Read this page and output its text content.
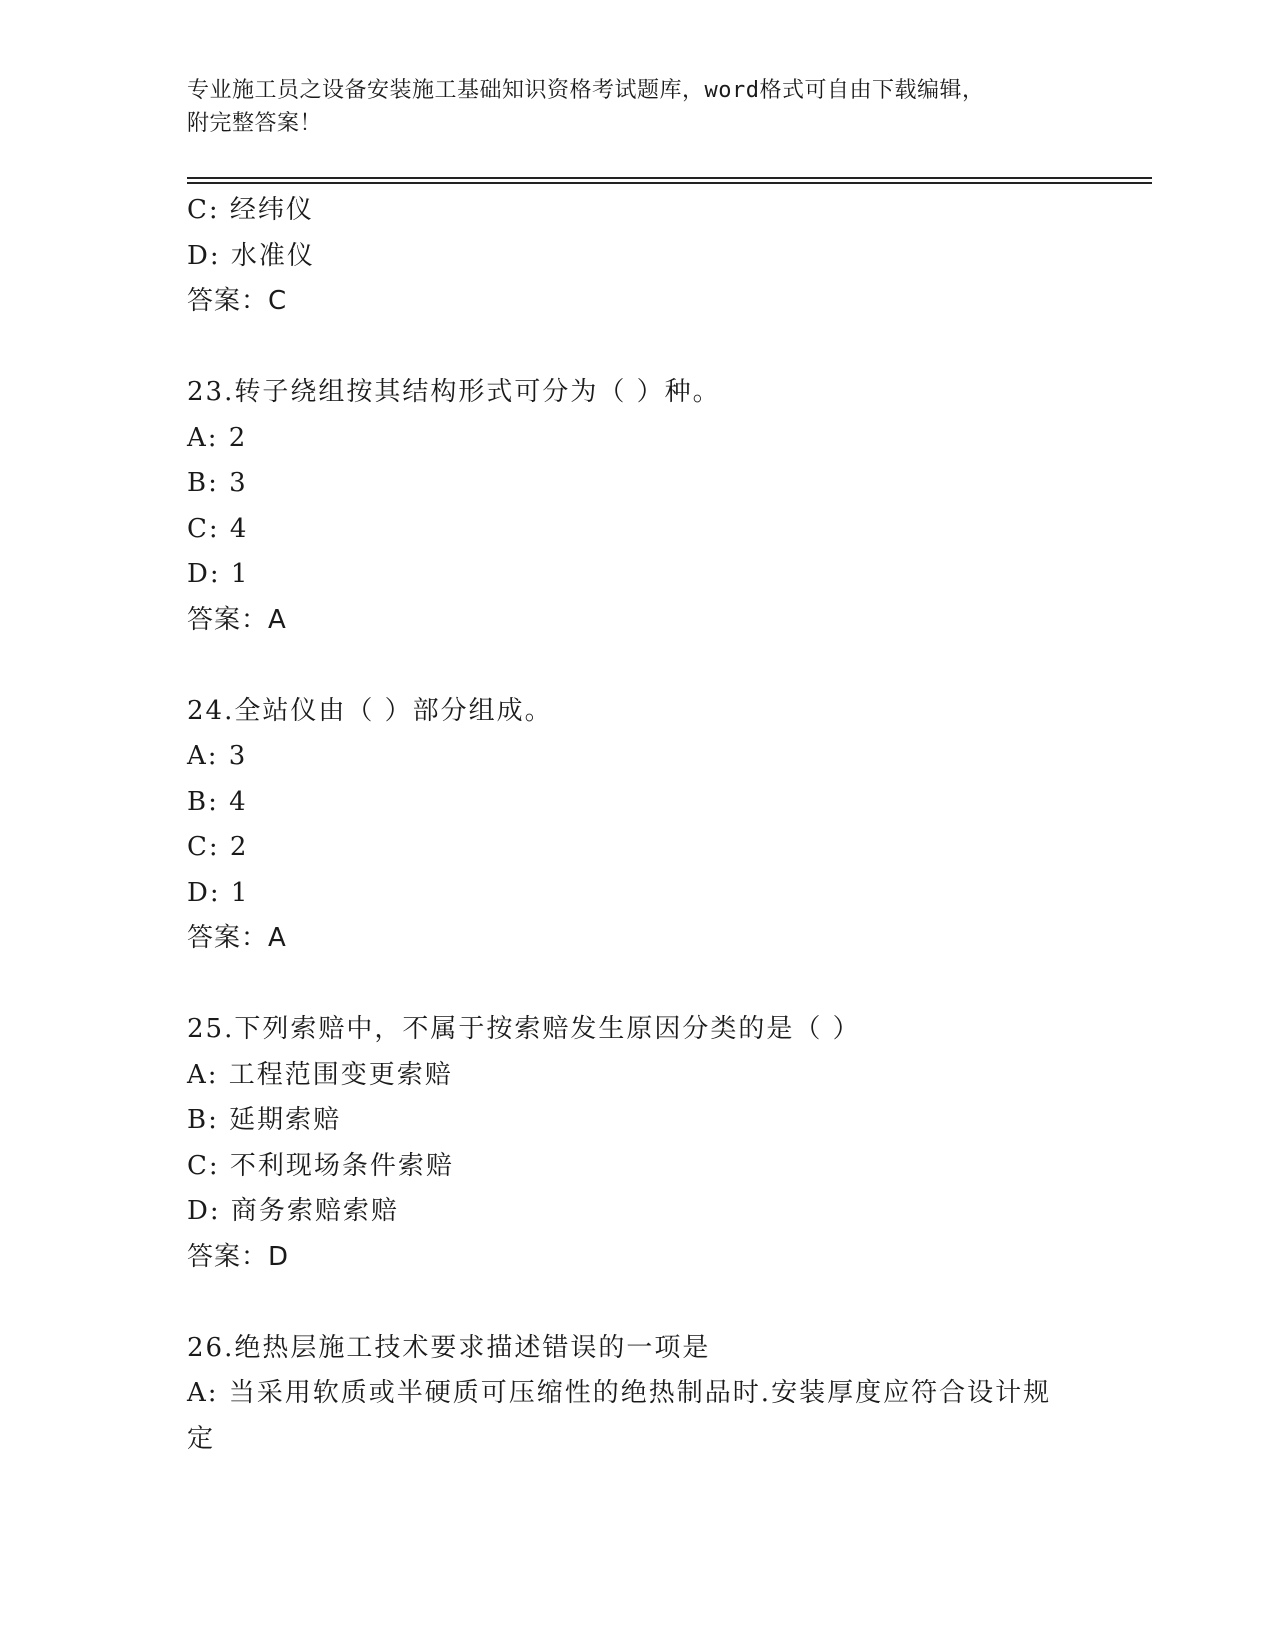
专业施工员之设备安装施工基础知识资格考试题库，word格式可自由下载编辑，
附完整答案！
C: 经纬仪
D: 水准仪
答案：C
23.转子绕组按其结构形式可分为（ ）种。
A: 2
B: 3
C: 4
D: 1
答案：A
24.全站仪由（ ）部分组成。
A: 3
B: 4
C: 2
D: 1
答案：A
25.下列索赔中，不属于按索赔发生原因分类的是（ ）
A: 工程范围变更索赔
B: 延期索赔
C: 不利现场条件索赔
D: 商务索赔索赔
答案：D
26.绝热层施工技术要求描述错误的一项是
A: 当采用软质或半硬质可压缩性的绝热制品时.安装厚度应符合设计规定
